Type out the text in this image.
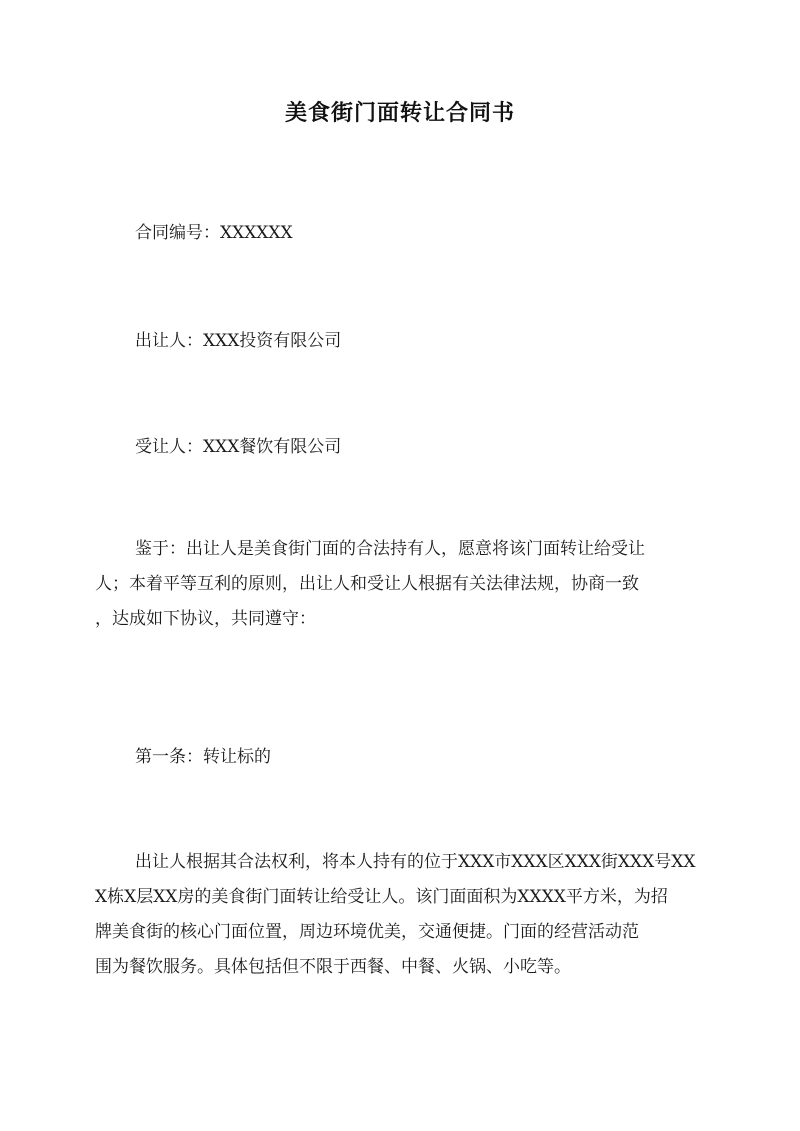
美食街门面转让合同书
合同编号：XXXXXX
出让人：XXX投资有限公司
受让人：XXX餐饮有限公司
鉴于：出让人是美食街门面的合法持有人，愿意将该门面转让给受让
人；本着平等互利的原则，出让人和受让人根据有关法律法规，协商一致
，达成如下协议，共同遵守：
第一条：转让标的
出让人根据其合法权利，将本人持有的位于XXX市XXX区XXX街XXX号XX
X栋X层XX房的美食街门面转让给受让人。该门面面积为XXXX平方米，为招
牌美食街的核心门面位置，周边环境优美，交通便捷。门面的经营活动范
围为餐饮服务。具体包括但不限于西餐、中餐、火锅、小吃等。
